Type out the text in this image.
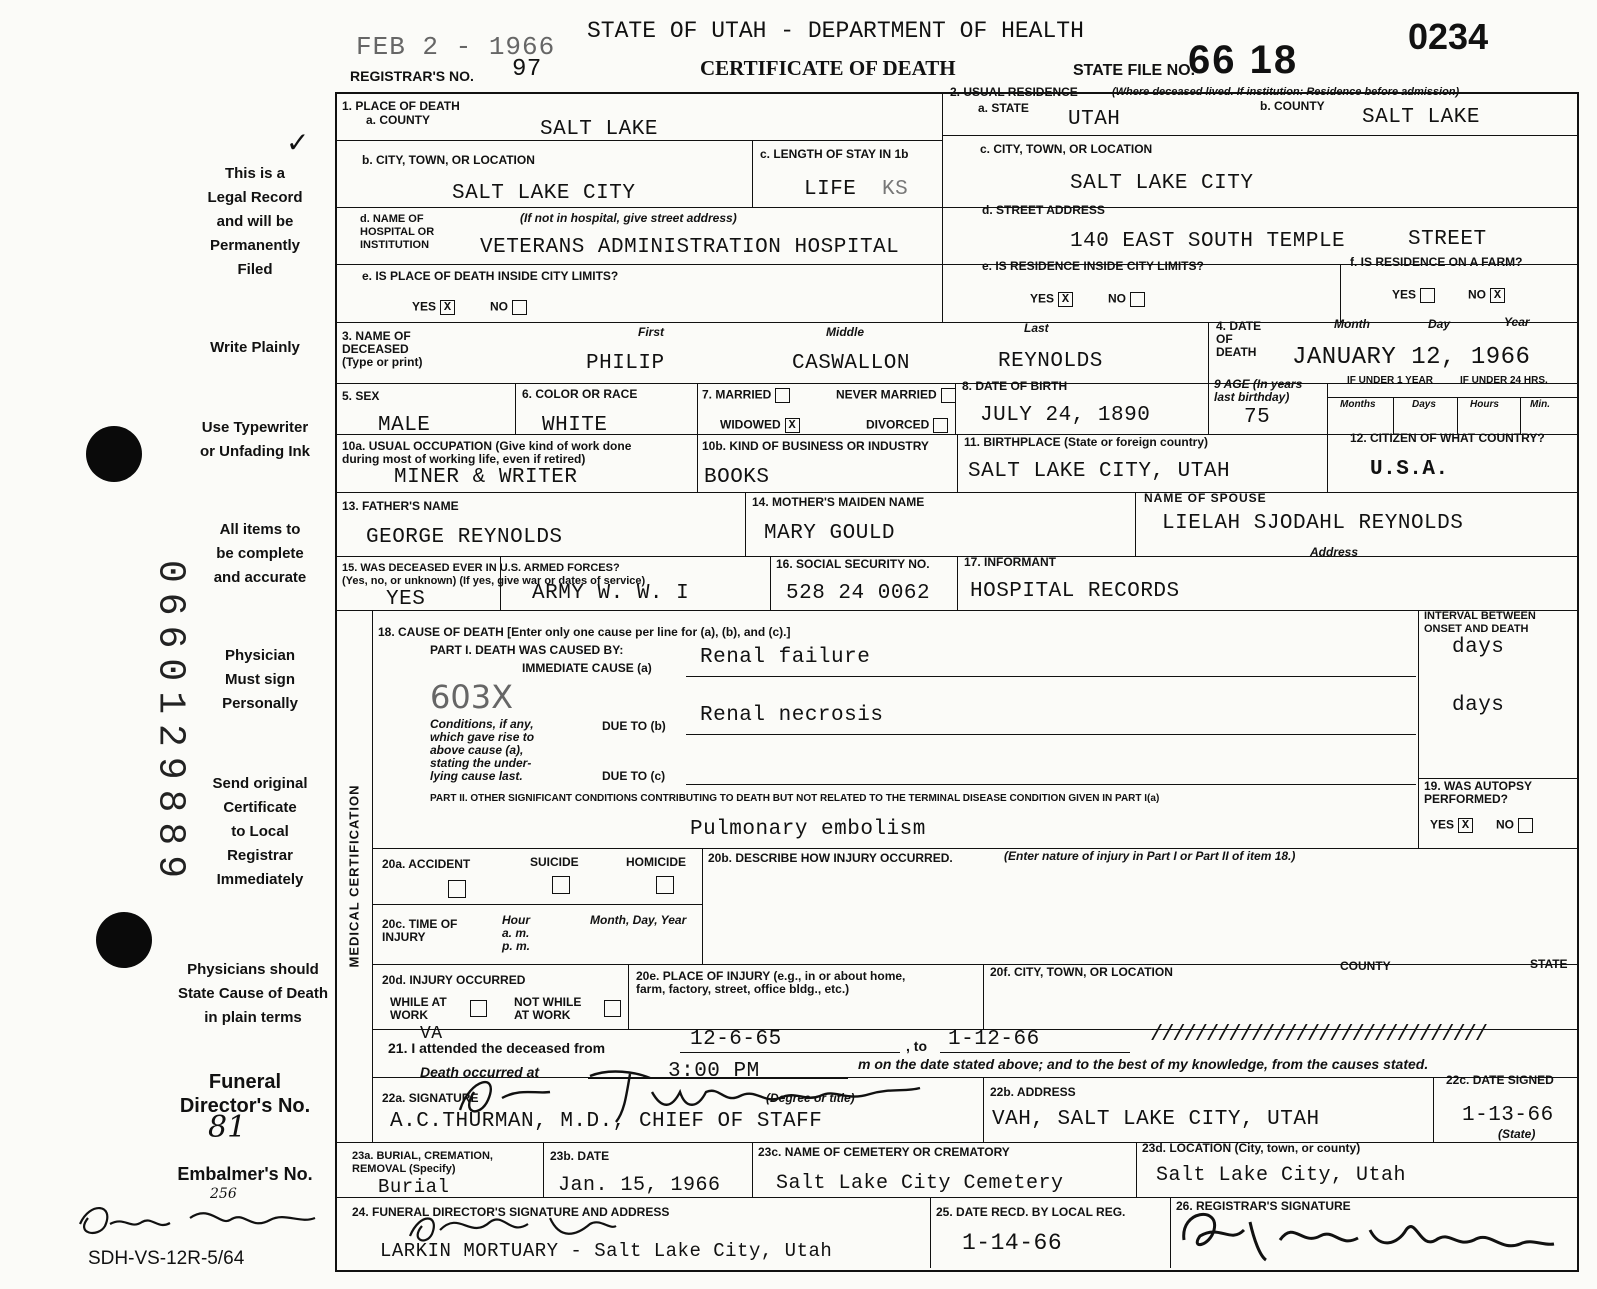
FEB 2 - 1966
STATE OF UTAH - DEPARTMENT OF HEALTH
REGISTRAR'S NO. 97	CERTIFICATE OF DEATH	STATE FILE NO.
66 18
0234
✓
This is a
Legal Record
and will be
Permanently
Filed
Write Plainly
Use Typewriter
or Unfading Ink
All items to
be complete
and accurate
Physician
Must sign
Personally
Send original
Certificate
to Local
Registrar
Immediately
Physicians should
State Cause of Death
in plain terms
Funeral
Director's No.
81
Embalmer's No.
256
SDH-VS-12R-5/64
0660129889
1. PLACE OF DEATH
a. COUNTY	SALT LAKE
b. CITY, TOWN, OR LOCATION
SALT LAKE CITY
c. LENGTH OF STAY IN 1b
LIFE KS
d. NAME OF
HOSPITAL OR
INSTITUTION
(If not in hospital, give street address)
VETERANS ADMINISTRATION HOSPITAL
e. IS PLACE OF DEATH INSIDE CITY LIMITS?
YES X	NO
2. USUAL RESIDENCE	(Where deceased lived. If institution: Residence before admission)
a. STATE UTAH
b. COUNTY SALT LAKE
c. CITY, TOWN, OR LOCATION
SALT LAKE CITY
d. STREET ADDRESS
140 EAST SOUTH TEMPLE	STREET
e. IS RESIDENCE INSIDE CITY LIMITS?
YES X	NO
f. IS RESIDENCE ON A FARM?
YES	NO X
3. NAME OF
DECEASED
(Type or print)
First	Middle	Last
PHILIP	CASWALLON	REYNOLDS
4. DATE
OF
DEATH
Month	Day	Year
JANUARY 12, 1966
5. SEX
MALE
6. COLOR OR RACE
WHITE
7. MARRIED	NEVER MARRIED
WIDOWED X	DIVORCED
8. DATE OF BIRTH
JULY 24, 1890
9 AGE (In years
last birthday)
75
IF UNDER 1 YEAR	IF UNDER 24 HRS.
Months	Days	Hours	Min.
10a. USUAL OCCUPATION (Give kind of work done
during most of working life, even if retired)
MINER & WRITER
10b. KIND OF BUSINESS OR INDUSTRY
BOOKS
11. BIRTHPLACE (State or foreign country)
SALT LAKE CITY, UTAH
12. CITIZEN OF WHAT COUNTRY?
U.S.A.
13. FATHER'S NAME
GEORGE REYNOLDS
14. MOTHER'S MAIDEN NAME
MARY GOULD
NAME OF SPOUSE
LIELAH SJODAHL REYNOLDS
Address
15. WAS DECEASED EVER IN U.S. ARMED FORCES?
(Yes, no, or unknown) (If yes, give war or dates of service)
YES	ARMY W. W. I
16. SOCIAL SECURITY NO.
528 24 0062
17. INFORMANT
HOSPITAL RECORDS
MEDICAL CERTIFICATION
18. CAUSE OF DEATH [Enter only one cause per line for (a), (b), and (c).]
PART I. DEATH WAS CAUSED BY:
IMMEDIATE CAUSE (a) Renal failure
Conditions, if any,
which gave rise to
above cause (a),
stating the under-
lying cause last.
603X
DUE TO (b) Renal necrosis
DUE TO (c)
INTERVAL BETWEEN
ONSET AND DEATH
days
days
PART II. OTHER SIGNIFICANT CONDITIONS CONTRIBUTING TO DEATH BUT NOT RELATED TO THE TERMINAL DISEASE CONDITION GIVEN IN PART I(a)
Pulmonary embolism
19. WAS AUTOPSY
PERFORMED?
YES X	NO
20a. ACCIDENT	SUICIDE	HOMICIDE 20b. DESCRIBE HOW INJURY OCCURRED.	(Enter nature of injury in Part I or Part II of item 18.)
20c. TIME OF
INJURY
Hour
a. m.
p. m.
Month, Day, Year
20d. INJURY OCCURRED
WHILE AT
WORK
NOT WHILE
AT WORK
20e. PLACE OF INJURY (e.g., in or about home,
farm, factory, street, office bldg., etc.)
20f. CITY, TOWN, OR LOCATION	COUNTY	STATE
VA
21. I attended the deceased from	12-6-65	, to 1-12-66	//////////////////////////////
Death occurred at	3:00 PM	m on the date stated above; and to the best of my knowledge, from the causes stated.
22a. SIGNATURE	(Degree or title)
A.C.THURMAN, M.D., CHIEF OF STAFF
22b. ADDRESS
VAH, SALT LAKE CITY, UTAH
22c. DATE SIGNED
1-13-66
(State)
23a. BURIAL, CREMATION,
REMOVAL (Specify)
Burial
23b. DATE
Jan. 15, 1966
23c. NAME OF CEMETERY OR CREMATORY
Salt Lake City Cemetery
23d. LOCATION (City, town, or county)
Salt Lake City, Utah
24. FUNERAL DIRECTOR'S SIGNATURE AND ADDRESS
LARKIN MORTUARY - Salt Lake City, Utah
25. DATE RECD. BY LOCAL REG.
1-14-66
26. REGISTRAR'S SIGNATURE
